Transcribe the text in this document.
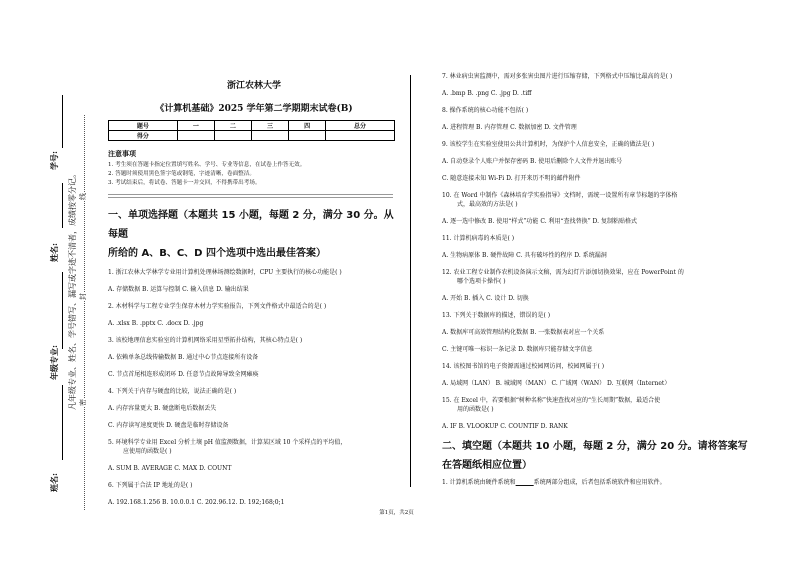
学号:
姓名:
年级专业:
班名:
凡年级专业、姓名、学号错写、漏写或字迹不清者，成绩按零分记。 密
封
线
浙江农林大学
《计算机基础》2025 学年第二学期期末试卷(B)
题号	一	二	三	四	总分
得分					
注意事项
1. 考生须在答题卡指定位置填写姓名、学号、专业等信息，在试卷上作答无效。
2. 答题时须使用黑色签字笔或钢笔，字迹清晰，卷面整洁。
3. 考试结束后，将试卷、答题卡一并交回，不得携带出考场。
一、单项选择题（本题共 15 小题，每题 2 分，满分 30 分。从每题
所给的 A、B、C、D 四个选项中选出最佳答案）
1. 浙江农林大学林学专业用计算机处理林场测绘数据时，CPU 主要执行的核心功能是( )
A. 存储数据 B. 运算与控制 C. 输入信息 D. 输出结果
2. 木材科学与工程专业学生保存木材力学实验报告，下列文件格式中最适合的是( )
A. .xlsx B. .pptx C. .docx D. .jpg
3. 该校地理信息实验室的计算机网络采用星型拓扑结构，其核心特点是( )
A. 依赖单条总线传输数据 B. 通过中心节点连接所有设备
C. 节点首尾相连形成闭环 D. 任意节点故障导致全网瘫痪
4. 下列关于内存与硬盘的比较，说法正确的是( )
A. 内存容量更大 B. 硬盘断电后数据丢失
C. 内存读写速度更快 D. 硬盘是临时存储设备
5. 环境科学专业用 Excel 分析土壤 pH 值监测数据，计算某区域 10 个采样点的平均值，
应使用的函数是( )
A. SUM B. AVERAGE C. MAX D. COUNT
6. 下列属于合法 IP 地址的是( )
A. 192.168.1.256 B. 10.0.0.1 C. 202.96.12. D. 192;168;0;1
7. 林业病虫害监测中，需对多张害虫图片进行压缩存储，下列格式中压缩比最高的是( )
A. .bmp B. .png C. .jpg D. .tiff
8. 操作系统的核心功能不包括( )
A. 进程管理 B. 内存管理 C. 数据加密 D. 文件管理
9. 该校学生在实验室使用公共计算机时，为保护个人信息安全，正确的做法是( )
A. 自动登录个人账户并保存密码 B. 使用后删除个人文件并退出账号
C. 随意连接未知 Wi-Fi D. 打开来历不明的邮件附件
10. 在 Word 中制作《森林培育学实验指导》文档时，需统一设置所有章节标题的字体格
式，最高效的方法是( )
A. 逐一选中修改 B. 使用“样式”功能 C. 利用“查找替换” D. 复制粘贴格式
11. 计算机病毒的本质是( )
A. 生物病原体 B. 硬件故障 C. 具有破坏性的程序 D. 系统漏洞
12. 农业工程专业制作农机设备演示文稿，需为幻灯片添加切换效果，应在 PowerPoint 的
哪个选项卡操作( )
A. 开始 B. 插入 C. 设计 D. 切换
13. 下列关于数据库的描述，错误的是( )
A. 数据库可高效管理结构化数据 B. 一张数据表对应一个关系
C. 主键可唯一标识一条记录 D. 数据库只能存储文字信息
14. 该校图书馆的电子资源需通过校园网访问，校园网属于( )
A. 局域网（LAN） B. 城域网（MAN） C. 广域网（WAN） D. 互联网（Internet）
15. 在 Excel 中，若要根据“树种名称”快速查找对应的“生长周期”数据，最适合使
用的函数是( )
A. IF B. VLOOKUP C. COUNTIF D. RANK
二、填空题（本题共 10 小题，每题 2 分，满分 20 分。请将答案写
在答题纸相应位置）
1. 计算机系统由硬件系统和______系统两部分组成，后者包括系统软件和应用软件。
第1页，共2页
